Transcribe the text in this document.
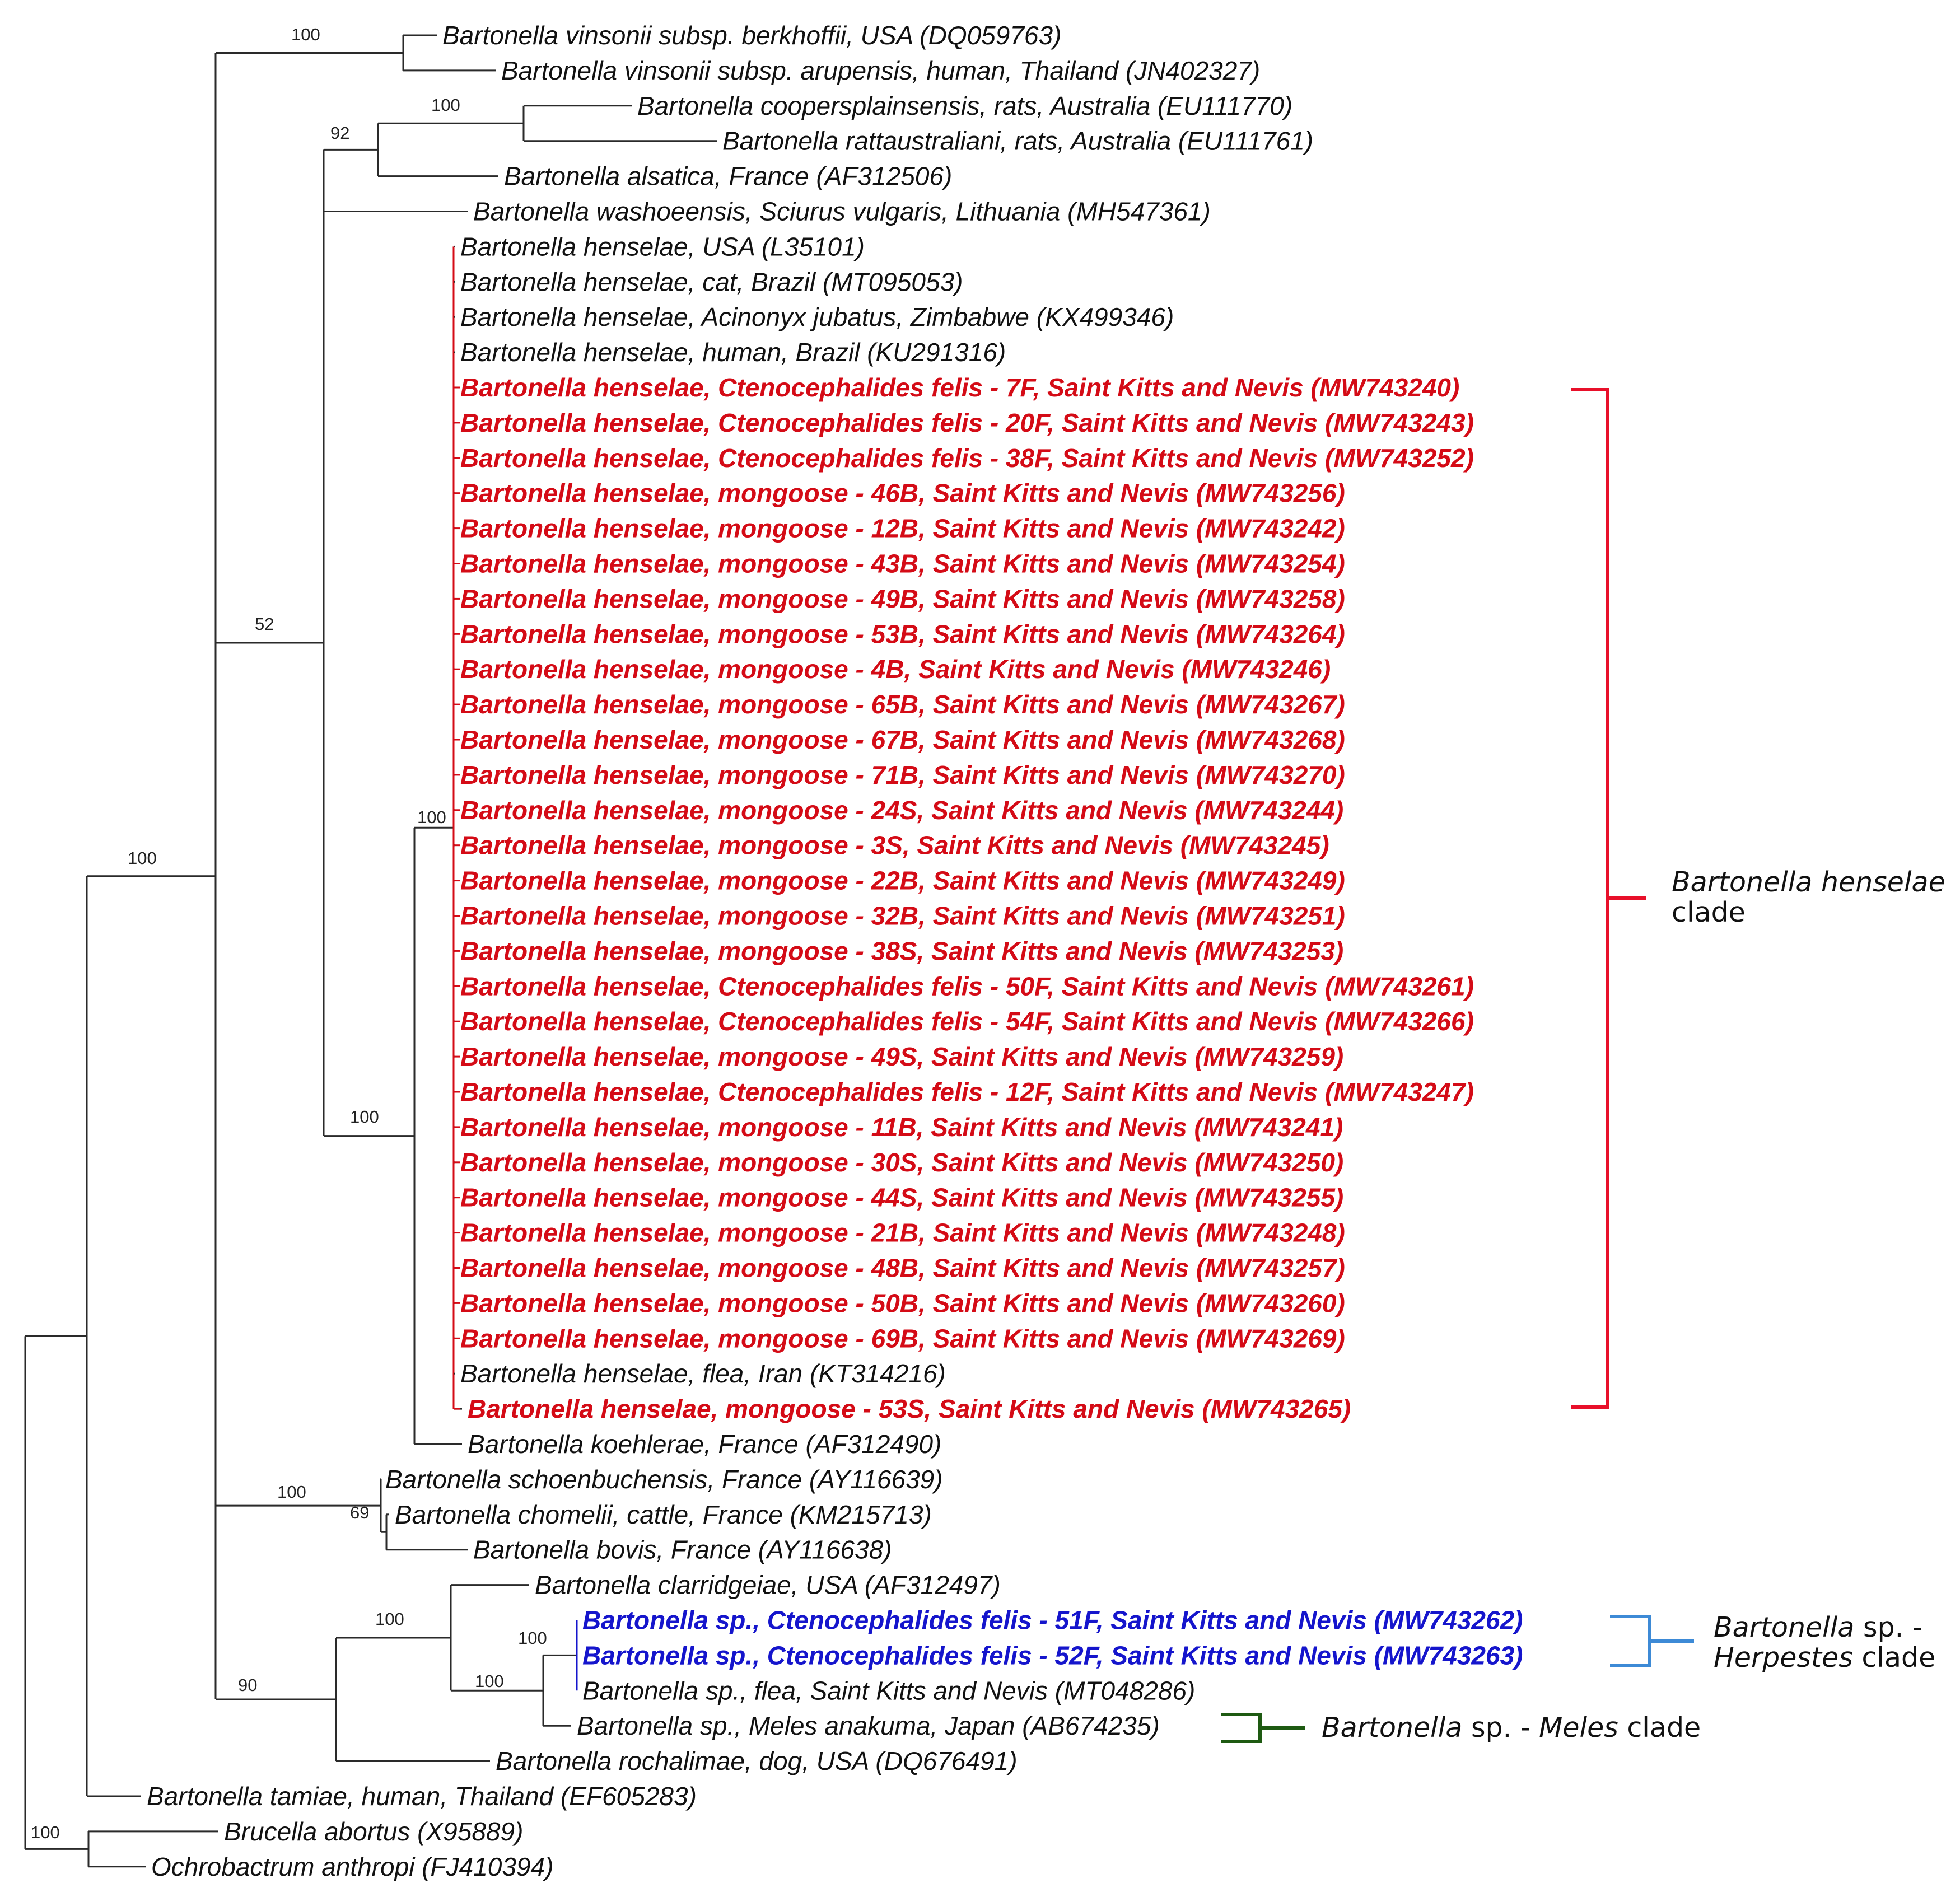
100
100
92
52
100
100
100
69
100
100
100
90
100
100
Bartonella vinsonii subsp. berkhoffii, USA (DQ059763)
Bartonella vinsonii subsp. arupensis, human, Thailand (JN402327)
Bartonella coopersplainsensis, rats, Australia (EU111770)
Bartonella rattaustraliani, rats, Australia (EU111761)
Bartonella alsatica, France (AF312506)
Bartonella washoeensis, Sciurus vulgaris, Lithuania (MH547361)
Bartonella henselae, USA (L35101)
Bartonella henselae, cat, Brazil (MT095053)
Bartonella henselae, Acinonyx jubatus, Zimbabwe (KX499346)
Bartonella henselae, human, Brazil (KU291316)
Bartonella henselae, Ctenocephalides felis - 7F, Saint Kitts and Nevis (MW743240)
Bartonella henselae, Ctenocephalides felis - 20F, Saint Kitts and Nevis (MW743243)
Bartonella henselae, Ctenocephalides felis - 38F, Saint Kitts and Nevis (MW743252)
Bartonella henselae, mongoose - 46B, Saint Kitts and Nevis (MW743256)
Bartonella henselae, mongoose - 12B, Saint Kitts and Nevis (MW743242)
Bartonella henselae, mongoose - 43B, Saint Kitts and Nevis (MW743254)
Bartonella henselae, mongoose - 49B, Saint Kitts and Nevis (MW743258)
Bartonella henselae, mongoose - 53B, Saint Kitts and Nevis (MW743264)
Bartonella henselae, mongoose - 4B, Saint Kitts and Nevis (MW743246)
Bartonella henselae, mongoose - 65B, Saint Kitts and Nevis (MW743267)
Bartonella henselae, mongoose - 67B, Saint Kitts and Nevis (MW743268)
Bartonella henselae, mongoose - 71B, Saint Kitts and Nevis (MW743270)
Bartonella henselae, mongoose - 24S, Saint Kitts and Nevis (MW743244)
Bartonella henselae, mongoose - 3S, Saint Kitts and Nevis (MW743245)
Bartonella henselae, mongoose - 22B, Saint Kitts and Nevis (MW743249)
Bartonella henselae, mongoose - 32B, Saint Kitts and Nevis (MW743251)
Bartonella henselae, mongoose - 38S, Saint Kitts and Nevis (MW743253)
Bartonella henselae, Ctenocephalides felis - 50F, Saint Kitts and Nevis (MW743261)
Bartonella henselae, Ctenocephalides felis - 54F, Saint Kitts and Nevis (MW743266)
Bartonella henselae, mongoose - 49S, Saint Kitts and Nevis (MW743259)
Bartonella henselae, Ctenocephalides felis - 12F, Saint Kitts and Nevis (MW743247)
Bartonella henselae, mongoose - 11B, Saint Kitts and Nevis (MW743241)
Bartonella henselae, mongoose - 30S, Saint Kitts and Nevis (MW743250)
Bartonella henselae, mongoose - 44S, Saint Kitts and Nevis (MW743255)
Bartonella henselae, mongoose - 21B, Saint Kitts and Nevis (MW743248)
Bartonella henselae, mongoose - 48B, Saint Kitts and Nevis (MW743257)
Bartonella henselae, mongoose - 50B, Saint Kitts and Nevis (MW743260)
Bartonella henselae, mongoose - 69B, Saint Kitts and Nevis (MW743269)
Bartonella henselae, flea, Iran (KT314216)
Bartonella henselae, mongoose - 53S, Saint Kitts and Nevis (MW743265)
Bartonella koehlerae, France (AF312490)
Bartonella schoenbuchensis, France (AY116639)
Bartonella chomelii, cattle, France (KM215713)
Bartonella bovis, France (AY116638)
Bartonella clarridgeiae, USA (AF312497)
Bartonella sp., Ctenocephalides felis - 51F, Saint Kitts and Nevis (MW743262)
Bartonella sp., Ctenocephalides felis - 52F, Saint Kitts and Nevis (MW743263)
Bartonella sp., flea, Saint Kitts and Nevis (MT048286)
Bartonella sp., Meles anakuma, Japan (AB674235)
Bartonella rochalimae, dog, USA (DQ676491)
Bartonella tamiae, human, Thailand (EF605283)
Brucella abortus (X95889)
Ochrobactrum anthropi (FJ410394)
Bartonella henselae clade
Bartonella sp. - Herpestes clade
Bartonella sp. - Meles clade
